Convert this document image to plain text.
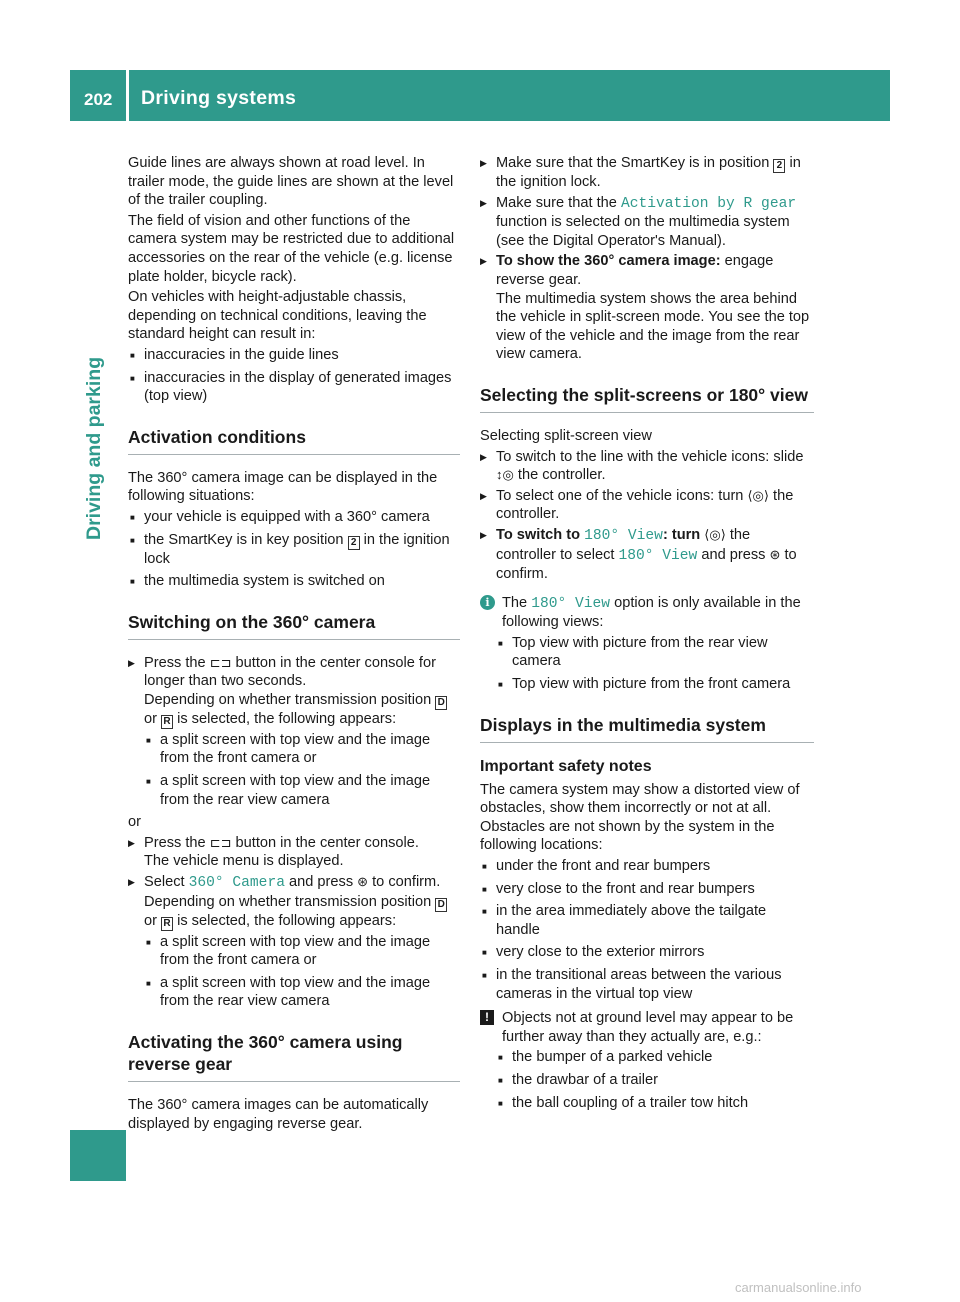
202 Driving systems
Driving and parking

Guide lines are always shown at road level. In trailer mode, the guide lines are shown at the level of the trailer coupling.

The field of vision and other functions of the camera system may be restricted due to additional accessories on the rear of the vehicle (e.g. license plate holder, bicycle rack).

On vehicles with height-adjustable chassis, depending on technical conditions, leaving the standard height can result in:

■ inaccuracies in the guide lines
■ inaccuracies in the display of generated images (top view)
Activation conditions

The 360° camera image can be displayed in the following situations:

■ your vehicle is equipped with a 360° camera
■ the SmartKey is in key position 2 in the ignition lock
■ the multimedia system is switched on
Switching on the 360° camera
▶ Press the ⊏⊐ button in the center console for longer than two seconds.
Depending on whether transmission position D or R is selected, the following appears:
■ a split screen with top view and the image from the front camera or
■ a split screen with top view and the image from the rear view camera

or

▶ Press the ⊏⊐ button in the center console.
The vehicle menu is displayed.
▶ Select 360° Camera and press ⊛ to confirm.
Depending on whether transmission position D or R is selected, the following appears:
■ a split screen with top view and the image from the front camera or
■ a split screen with top view and the image from the rear view camera
Activating the 360° camera using reverse gear

The 360° camera images can be automatically displayed by engaging reverse gear.

▶ Make sure that the SmartKey is in position 2 in the ignition lock.
▶ Make sure that the Activation by R gear function is selected on the multimedia system (see the Digital Operator's Manual).
▶ To show the 360° camera image: engage reverse gear.
The multimedia system shows the area behind the vehicle in split-screen mode. You see the top view of the vehicle and the image from the rear view camera.
Selecting the split-screens or 180° view

Selecting split-screen view

▶ To switch to the line with the vehicle icons: slide ↕◎ the controller.
▶ To select one of the vehicle icons: turn ⟨◎⟩ the controller.
▶ To switch to 180° View: turn ⟨◎⟩ the controller to select 180° View and press ⊛ to confirm.
i The 180° View option is only available in the following views:
■ Top view with picture from the rear view camera
■ Top view with picture from the front camera
Displays in the multimedia system
Important safety notes

The camera system may show a distorted view of obstacles, show them incorrectly or not at all. Obstacles are not shown by the system in the following locations:

■ under the front and rear bumpers
■ very close to the front and rear bumpers
■ in the area immediately above the tailgate handle
■ very close to the exterior mirrors
■ in the transitional areas between the various cameras in the virtual top view
! Objects not at ground level may appear to be further away than they actually are, e.g.:
■ the bumper of a parked vehicle
■ the drawbar of a trailer
■ the ball coupling of a trailer tow hitch
carmanualsonline.info
